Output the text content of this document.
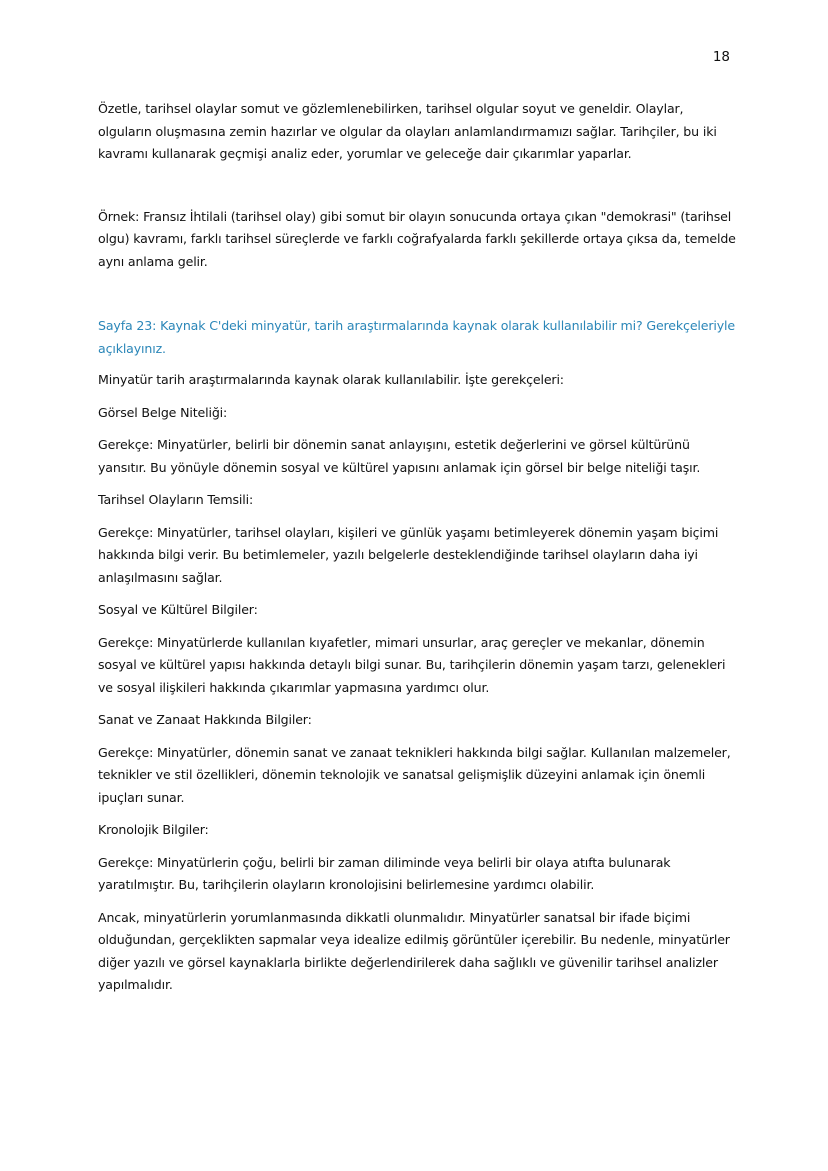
18

Özetle, tarihsel olaylar somut ve gözlemlenebilirken, tarihsel olgular soyut ve geneldir. Olaylar, olguların oluşmasına zemin hazırlar ve olgular da olayları anlamlandırmamızı sağlar. Tarihçiler, bu iki kavramı kullanarak geçmişi analiz eder, yorumlar ve geleceğe dair çıkarımlar yaparlar.

Örnek: Fransız İhtilali (tarihsel olay) gibi somut bir olayın sonucunda ortaya çıkan "demokrasi" (tarihsel olgu) kavramı, farklı tarihsel süreçlerde ve farklı coğrafyalarda farklı şekillerde ortaya çıksa da, temelde aynı anlama gelir.

Sayfa 23: Kaynak C'deki minyatür, tarih araştırmalarında kaynak olarak kullanılabilir mi? Gerekçeleriyle açıklayınız.

Minyatür tarih araştırmalarında kaynak olarak kullanılabilir. İşte gerekçeleri:

Görsel Belge Niteliği:

Gerekçe: Minyatürler, belirli bir dönemin sanat anlayışını, estetik değerlerini ve görsel kültürünü yansıtır. Bu yönüyle dönemin sosyal ve kültürel yapısını anlamak için görsel bir belge niteliği taşır.

Tarihsel Olayların Temsili:

Gerekçe: Minyatürler, tarihsel olayları, kişileri ve günlük yaşamı betimleyerek dönemin yaşam biçimi hakkında bilgi verir. Bu betimlemeler, yazılı belgelerle desteklendiğinde tarihsel olayların daha iyi anlaşılmasını sağlar.

Sosyal ve Kültürel Bilgiler:

Gerekçe: Minyatürlerde kullanılan kıyafetler, mimari unsurlar, araç gereçler ve mekanlar, dönemin sosyal ve kültürel yapısı hakkında detaylı bilgi sunar. Bu, tarihçilerin dönemin yaşam tarzı, gelenekleri ve sosyal ilişkileri hakkında çıkarımlar yapmasına yardımcı olur.

Sanat ve Zanaat Hakkında Bilgiler:

Gerekçe: Minyatürler, dönemin sanat ve zanaat teknikleri hakkında bilgi sağlar. Kullanılan malzemeler, teknikler ve stil özellikleri, dönemin teknolojik ve sanatsal gelişmişlik düzeyini anlamak için önemli ipuçları sunar.

Kronolojik Bilgiler:

Gerekçe: Minyatürlerin çoğu, belirli bir zaman diliminde veya belirli bir olaya atıfta bulunarak yaratılmıştır. Bu, tarihçilerin olayların kronolojisini belirlemesine yardımcı olabilir.

Ancak, minyatürlerin yorumlanmasında dikkatli olunmalıdır. Minyatürler sanatsal bir ifade biçimi olduğundan, gerçeklikten sapmalar veya idealize edilmiş görüntüler içerebilir. Bu nedenle, minyatürler diğer yazılı ve görsel kaynaklarla birlikte değerlendirilerek daha sağlıklı ve güvenilir tarihsel analizler yapılmalıdır.
